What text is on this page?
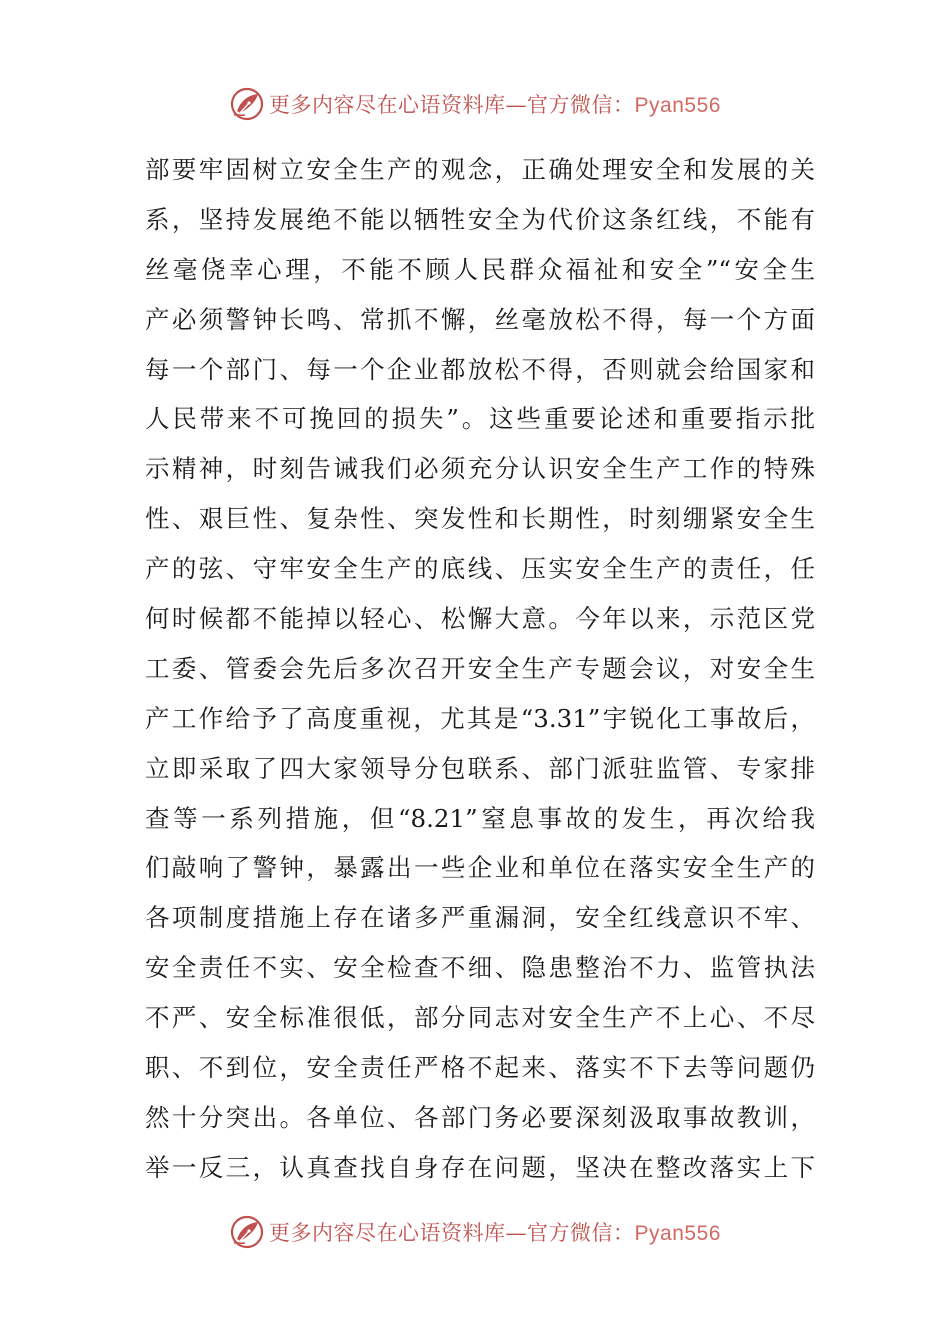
更多内容尽在心语资料库—官方微信：Pyan556
部要牢固树立安全生产的观念，正确处理安全和发展的关
系，坚持发展绝不能以牺牲安全为代价这条红线，不能有
丝毫侥幸心理，不能不顾人民群众福祉和安全”“安全生
产必须警钟长鸣、常抓不懈，丝毫放松不得，每一个方面
每一个部门、每一个企业都放松不得，否则就会给国家和
人民带来不可挽回的损失”。这些重要论述和重要指示批
示精神，时刻告诫我们必须充分认识安全生产工作的特殊
性、艰巨性、复杂性、突发性和长期性，时刻绷紧安全生
产的弦、守牢安全生产的底线、压实安全生产的责任，任
何时候都不能掉以轻心、松懈大意。今年以来，示范区党
工委、管委会先后多次召开安全生产专题会议，对安全生
产工作给予了高度重视，尤其是“3.31”宇锐化工事故后，
立即采取了四大家领导分包联系、部门派驻监管、专家排
查等一系列措施，但“8.21”窒息事故的发生，再次给我
们敲响了警钟，暴露出一些企业和单位在落实安全生产的
各项制度措施上存在诸多严重漏洞，安全红线意识不牢、
安全责任不实、安全检查不细、隐患整治不力、监管执法
不严、安全标准很低，部分同志对安全生产不上心、不尽
职、不到位，安全责任严格不起来、落实不下去等问题仍
然十分突出。各单位、各部门务必要深刻汲取事故教训，
举一反三，认真查找自身存在问题，坚决在整改落实上下
更多内容尽在心语资料库—官方微信：Pyan556
